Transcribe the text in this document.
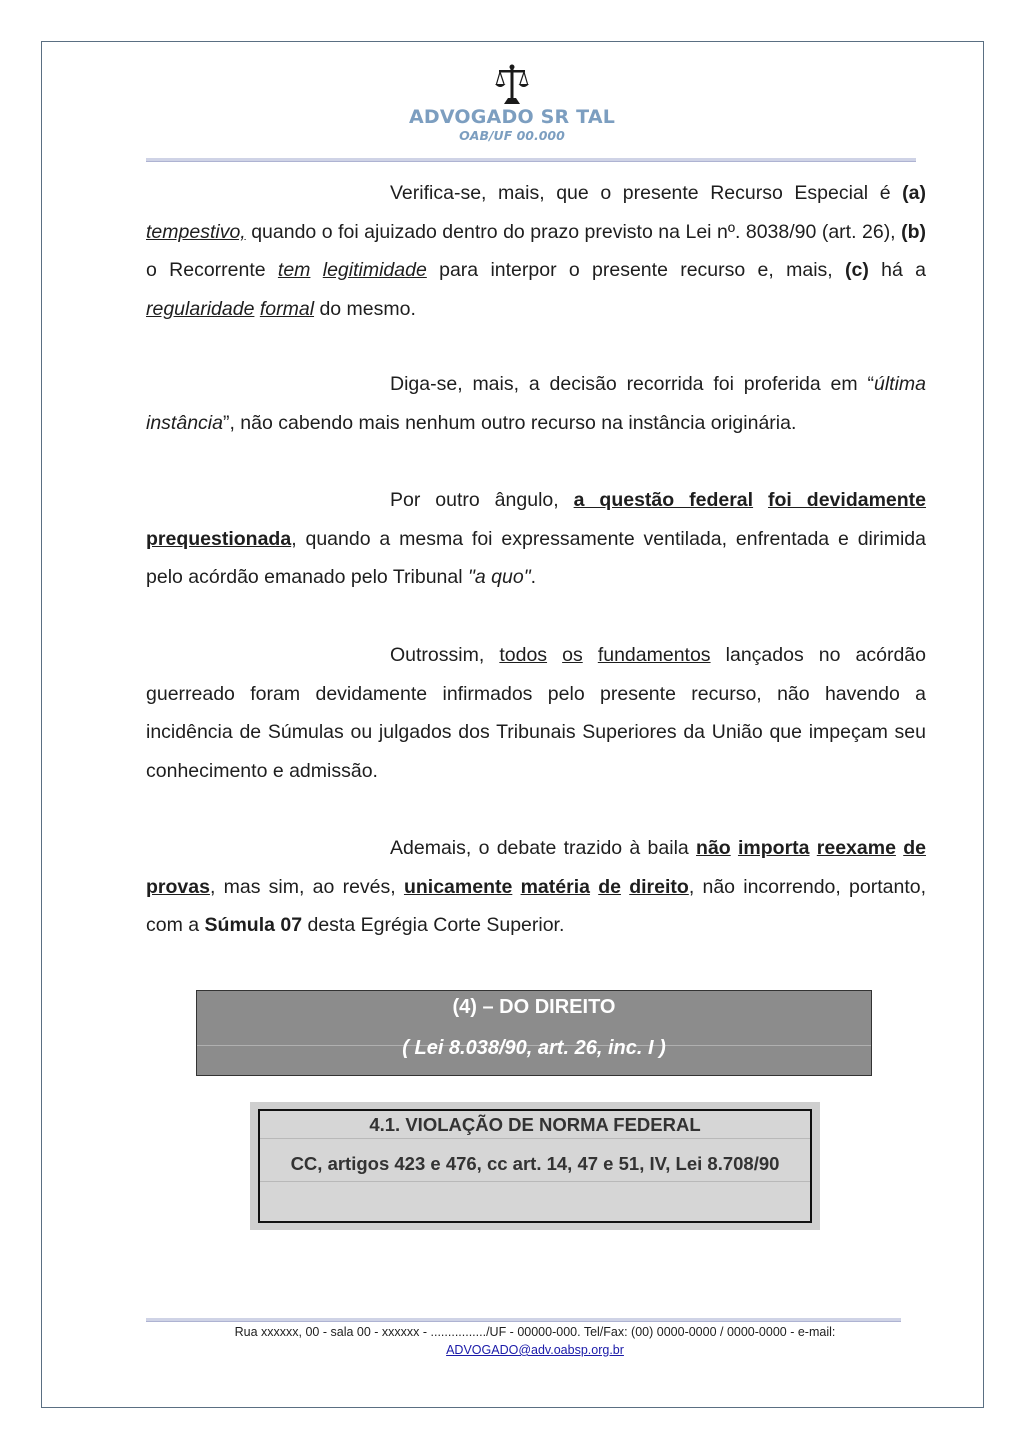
ADVOGADO SR TAL
OAB/UF 00.000
Verifica-se, mais, que o presente Recurso Especial é (a) tempestivo, quando o foi ajuizado dentro do prazo previsto na Lei nº. 8038/90 (art. 26), (b) o Recorrente tem legitimidade para interpor o presente recurso e, mais, (c) há a regularidade formal do mesmo.
Diga-se, mais, a decisão recorrida foi proferida em “última instância”, não cabendo mais nenhum outro recurso na instância originária.
Por outro ângulo, a questão federal foi devidamente prequestionada, quando a mesma foi expressamente ventilada, enfrentada e dirimida pelo acórdão emanado pelo Tribunal "a quo".
Outrossim, todos os fundamentos lançados no acórdão guerreado foram devidamente infirmados pelo presente recurso, não havendo a incidência de Súmulas ou julgados dos Tribunais Superiores da União que impeçam seu conhecimento e admissão.
Ademais, o debate trazido à baila não importa reexame de provas, mas sim, ao revés, unicamente matéria de direito, não incorrendo, portanto, com a Súmula 07 desta Egrégia Corte Superior.
(4) – DO DIREITO
( Lei 8.038/90, art. 26, inc. I )
4.1. VIOLAÇÃO DE NORMA FEDERAL
CC, artigos 423 e 476, cc art. 14, 47 e 51, IV, Lei 8.708/90
Rua xxxxxx, 00 - sala 00 - xxxxxx - ................/UF - 00000-000. Tel/Fax: (00) 0000-0000 / 0000-0000 - e-mail: ADVOGADO@adv.oabsp.org.br
